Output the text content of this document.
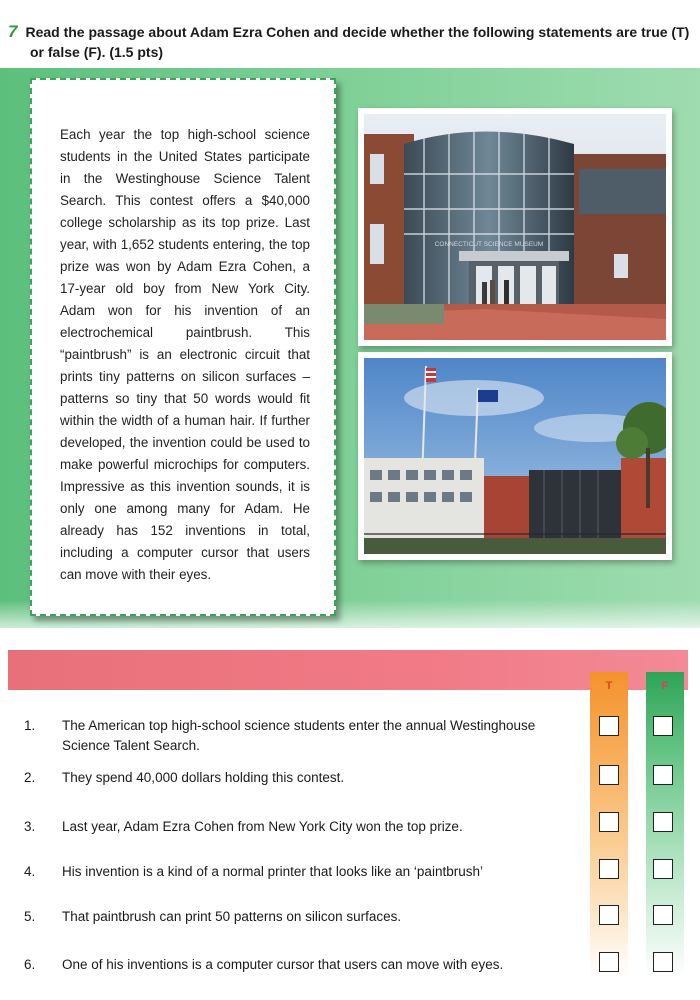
7 Read the passage about Adam Ezra Cohen and decide whether the following statements are true (T)
or false (F). (1.5 pts)

Each year the top high-school science students in the United States participate in the Westinghouse Science Talent Search. This contest offers a $40,000 college scholarship as its top prize. Last year, with 1,652 students entering, the top prize was won by Adam Ezra Cohen, a 17-year old boy from New York City. Adam won for his invention of an electrochemical paintbrush. This “paintbrush” is an electronic circuit that prints tiny patterns on silicon surfaces – patterns so tiny that 50 words would fit within the width of a human hair. If further developed, the invention could be used to make powerful microchips for computers. Impressive as this invention sounds, it is only one among many for Adam. He already has 152 inventions in total, including a computer cursor that users can move with their eyes.

CONNECTICUT SCIENCE MUSEUM
T	F
1. The American top high-school science students enter the annual Westinghouse Science Talent Search.
2. They spend 40,000 dollars holding this contest.
3. Last year, Adam Ezra Cohen from New York City won the top prize.
4. His invention is a kind of a normal printer that looks like an ‘paintbrush’
5. That paintbrush can print 50 patterns on silicon surfaces.
6. One of his inventions is a computer cursor that users can move with eyes.
